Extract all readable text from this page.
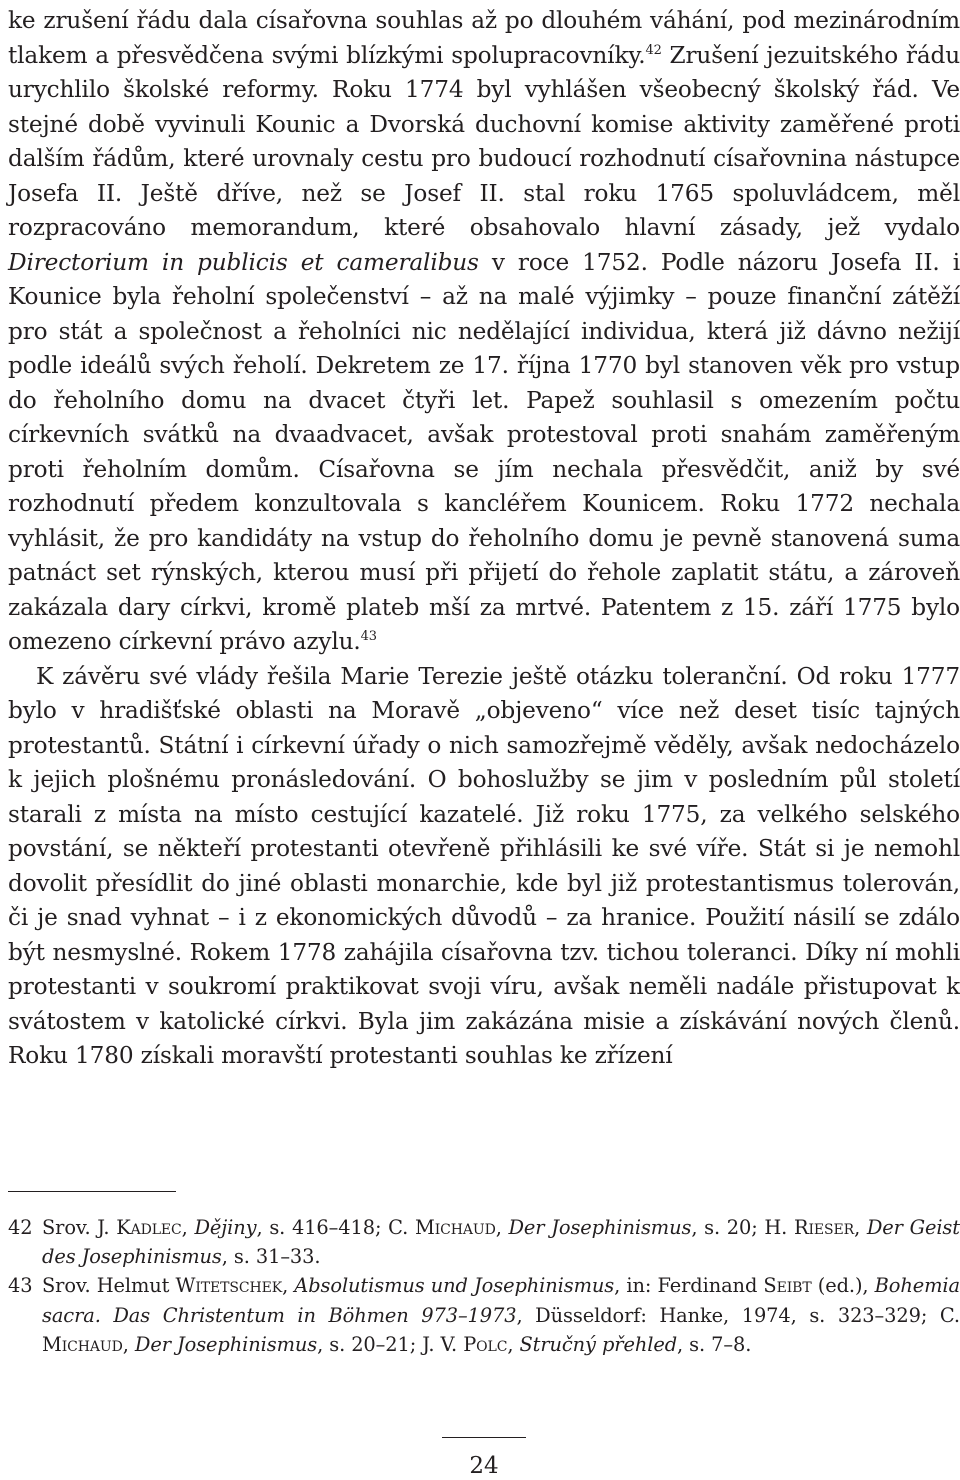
ke zrušení řádu dala císařovna souhlas až po dlouhém váhání, pod mezinárodním tlakem a přesvědčena svými blízkými spolupracovníky.$^{42}$ Zrušení jezuitského řádu urychlilo školské reformy. Roku 1774 byl vyhlášen všeobecný školský řád. Ve stejné době vyvinuli Kounic a Dvorská duchovní komise aktivity zaměřené proti dalším řádům, které urovnaly cestu pro budoucí rozhodnutí císařovnina nástupce Josefa II. Ještě dříve, než se Josef II. stal roku 1765 spoluvládcem, měl rozpracováno memorandum, které obsahovalo hlavní zásady, jež vydalo Directorium in publicis et cameralibus v roce 1752. Podle názoru Josefa II. i Kounice byla řeholní společenství – až na malé výjimky – pouze finanční zátěží pro stát a společnost a řeholníci nic nedělající individua, která již dávno nežijí podle ideálů svých řeholí. Dekretem ze 17. října 1770 byl stanoven věk pro vstup do řeholního domu na dvacet čtyři let. Papež souhlasil s omezením počtu církevních svátků na dvaadvacet, avšak protestoval proti snahám zaměřeným proti řeholním domům. Císařovna se jím nechala přesvědčit, aniž by své rozhodnutí předem konzultovala s kancléřem Kounicem. Roku 1772 nechala vyhlásit, že pro kandidáty na vstup do řeholního domu je pevně stanovená suma patnáct set rýnských, kterou musí při přijetí do řehole zaplatit státu, a zároveň zakázala dary církvi, kromě plateb mší za mrtvé. Patentem z 15. září 1775 bylo omezeno církevní právo azylu.$^{43}$

K závěru své vlády řešila Marie Terezie ještě otázku toleranční. Od roku 1777 bylo v hradišťské oblasti na Moravě „objeveno“ více než deset tisíc tajných protestantů. Státní i církevní úřady o nich samozřejmě věděly, avšak nedocházelo k jejich plošnému pronásledování. O bohoslužby se jim v posledním půl století starali z místa na místo cestující kazatelé. Již roku 1775, za velkého selského povstání, se někteří protestanti otevřeně přihlásili ke své víře. Stát si je nemohl dovolit přesídlit do jiné oblasti monarchie, kde byl již protestantismus tolerován, či je snad vyhnat – i z ekonomických důvodů – za hranice. Použití násilí se zdálo být nesmyslné. Rokem 1778 zahájila císařovna tzv. tichou toleranci. Díky ní mohli protestanti v soukromí praktikovat svoji víru, avšak neměli nadále přistupovat k svátostem v katolické církvi. Byla jim zakázána misie a získávání nových členů. Roku 1780 získali moravští protestanti souhlas ke zřízení

42 Srov. J. Kadlec, Dějiny, s. 416–418; C. Michaud, Der Josephinismus, s. 20; H. Rieser, Der Geist des Josephinismus, s. 31–33.
43 Srov. Helmut Witetschek, Absolutismus und Josephinismus, in: Ferdinand Seibt (ed.), Bohemia sacra. Das Christentum in Böhmen 973–1973, Düsseldorf: Hanke, 1974, s. 323–329; C. Michaud, Der Josephinismus, s. 20–21; J. V. Polc, Stručný přehled, s. 7–8.
24
